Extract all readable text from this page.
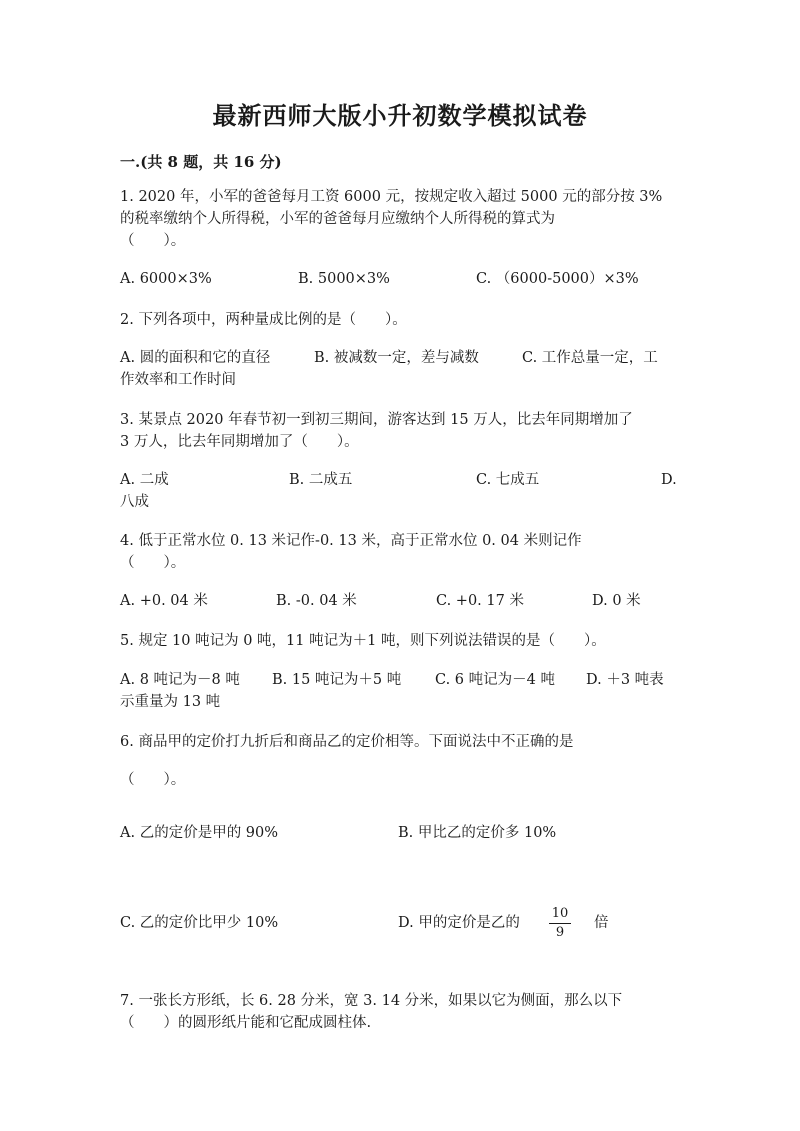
最新西师大版小升初数学模拟试卷
一.(共 8 题，共 16 分)
1. 2020 年，小军的爸爸每月工资 6000 元，按规定收入超过 5000 元的部分按 3%
的税率缴纳个人所得税，小军的爸爸每月应缴纳个人所得税的算式为
（　　）。
A. 6000×3%	B. 5000×3%	C. （6000-5000）×3%
2. 下列各项中，两种量成比例的是（　　）。
A. 圆的面积和它的直径	B. 被减数一定，差与减数	C. 工作总量一定，工
作效率和工作时间
3. 某景点 2020 年春节初一到初三期间，游客达到 15 万人，比去年同期增加了
3 万人，比去年同期增加了（　　）。
A. 二成	B. 二成五	C. 七成五	D.
八成
4. 低于正常水位 0. 13 米记作-0. 13 米，高于正常水位 0. 04 米则记作
（　　）。
A. +0. 04 米	B. -0. 04 米	C. +0. 17 米	D. 0 米
5. 规定 10 吨记为 0 吨，11 吨记为＋1 吨，则下列说法错误的是（　　）。
A. 8 吨记为－8 吨 B. 15 吨记为＋5 吨 C. 6 吨记为－4 吨 D. ＋3 吨表
示重量为 13 吨
6. 商品甲的定价打九折后和商品乙的定价相等。下面说法中不正确的是
（　　）。
A. 乙的定价是甲的 90%	B. 甲比乙的定价多 10%
C. 乙的定价比甲少 10%	D. 甲的定价是乙的 $\frac{10}{9}$ 倍
7. 一张长方形纸，长 6. 28 分米，宽 3. 14 分米，如果以它为侧面，那么以下
（　　）的圆形纸片能和它配成圆柱体.
